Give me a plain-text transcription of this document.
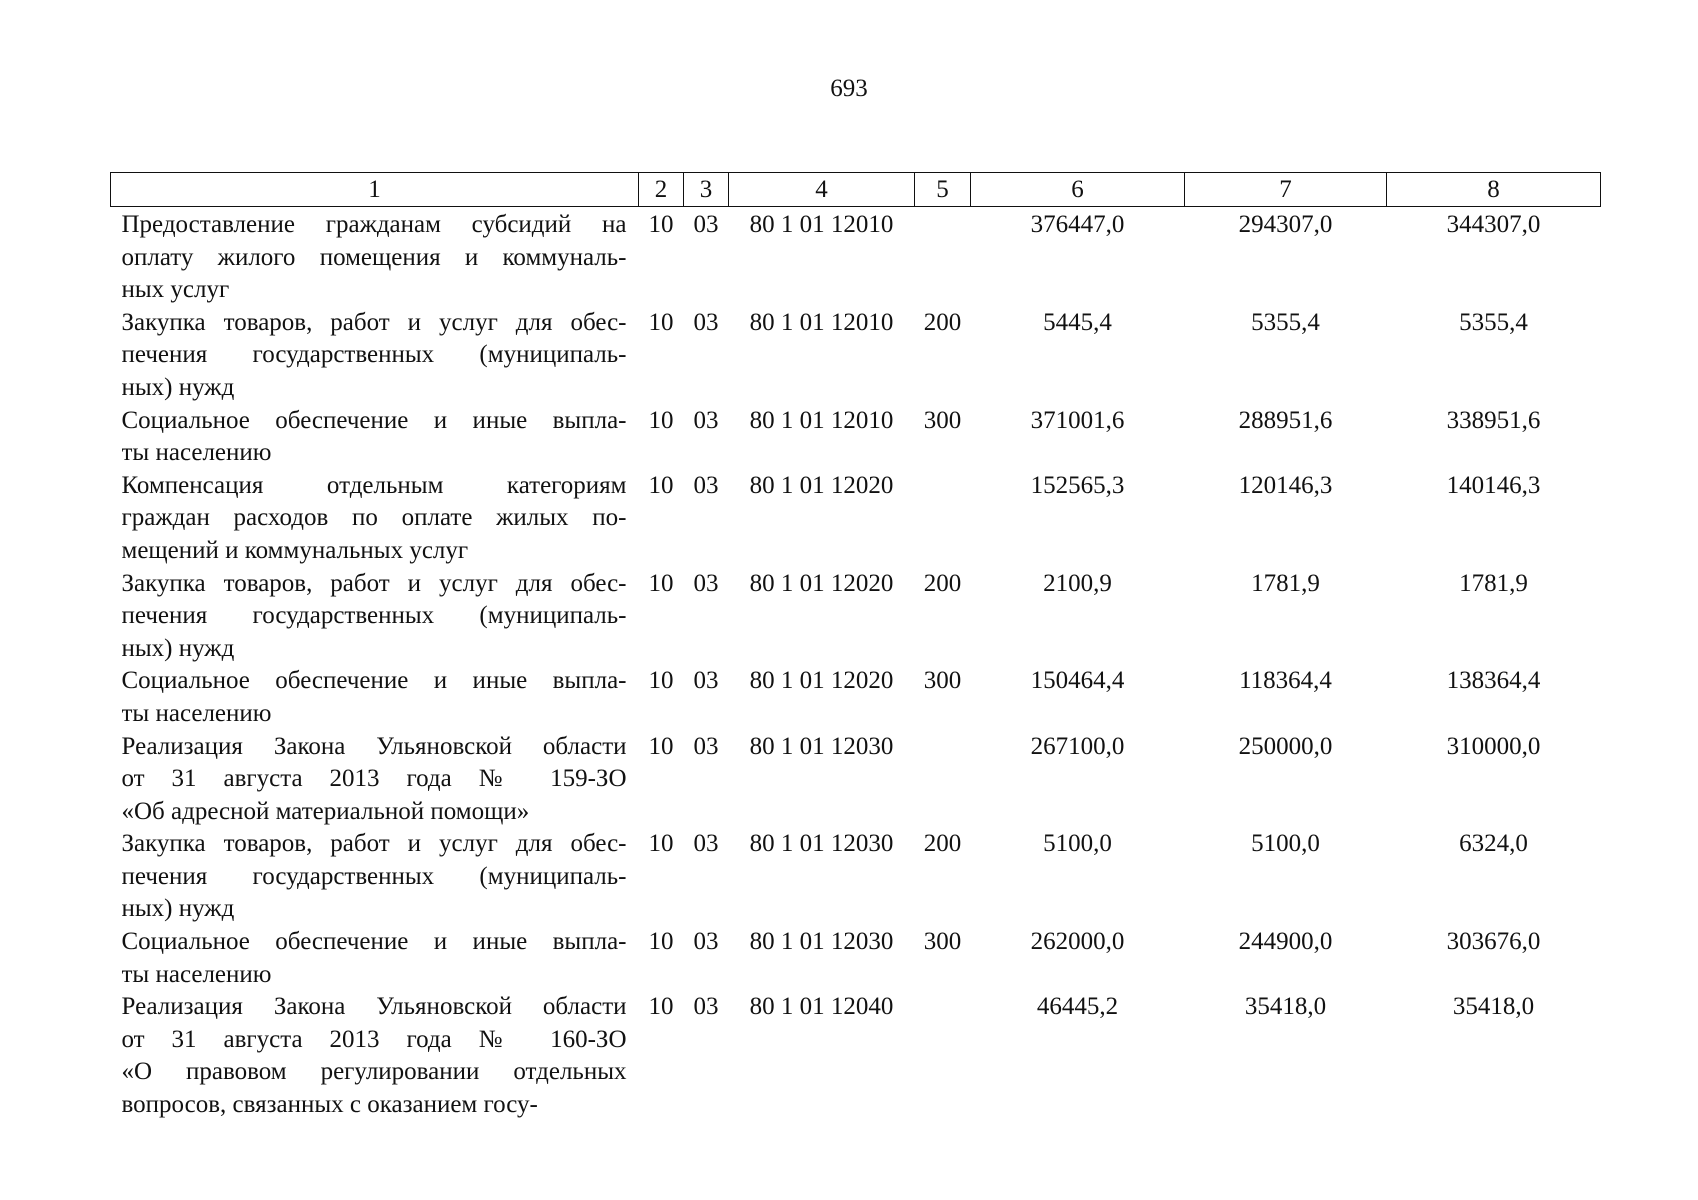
693
1	2	3	4	5	6	7	8

Предоставление гражданам субсидий на
оплату жилого помещения и коммуналь-
ных услуг	10	03	80 1 01 12010		376447,0	294307,0	344307,0

Закупка товаров, работ и услуг для обес-
печения государственных (муниципаль-
ных) нужд	10	03	80 1 01 12010	200	5445,4	5355,4	5355,4

Социальное обеспечение и иные выпла-
ты населению	10	03	80 1 01 12010	300	371001,6	288951,6	338951,6

Компенсация отдельным категориям
граждан расходов по оплате жилых по-
мещений и коммунальных услуг	10	03	80 1 01 12020		152565,3	120146,3	140146,3

Закупка товаров, работ и услуг для обес-
печения государственных (муниципаль-
ных) нужд	10	03	80 1 01 12020	200	2100,9	1781,9	1781,9

Социальное обеспечение и иные выпла-
ты населению	10	03	80 1 01 12020	300	150464,4	118364,4	138364,4

Реализация Закона Ульяновской области
от 31 августа 2013 года № 159-ЗО
«Об адресной материальной помощи»	10	03	80 1 01 12030		267100,0	250000,0	310000,0

Закупка товаров, работ и услуг для обес-
печения государственных (муниципаль-
ных) нужд	10	03	80 1 01 12030	200	5100,0	5100,0	6324,0

Социальное обеспечение и иные выпла-
ты населению	10	03	80 1 01 12030	300	262000,0	244900,0	303676,0

Реализация Закона Ульяновской области
от 31 августа 2013 года № 160-ЗО
«О правовом регулировании отдельных
вопросов, связанных с оказанием госу-	10	03	80 1 01 12040		46445,2	35418,0	35418,0
